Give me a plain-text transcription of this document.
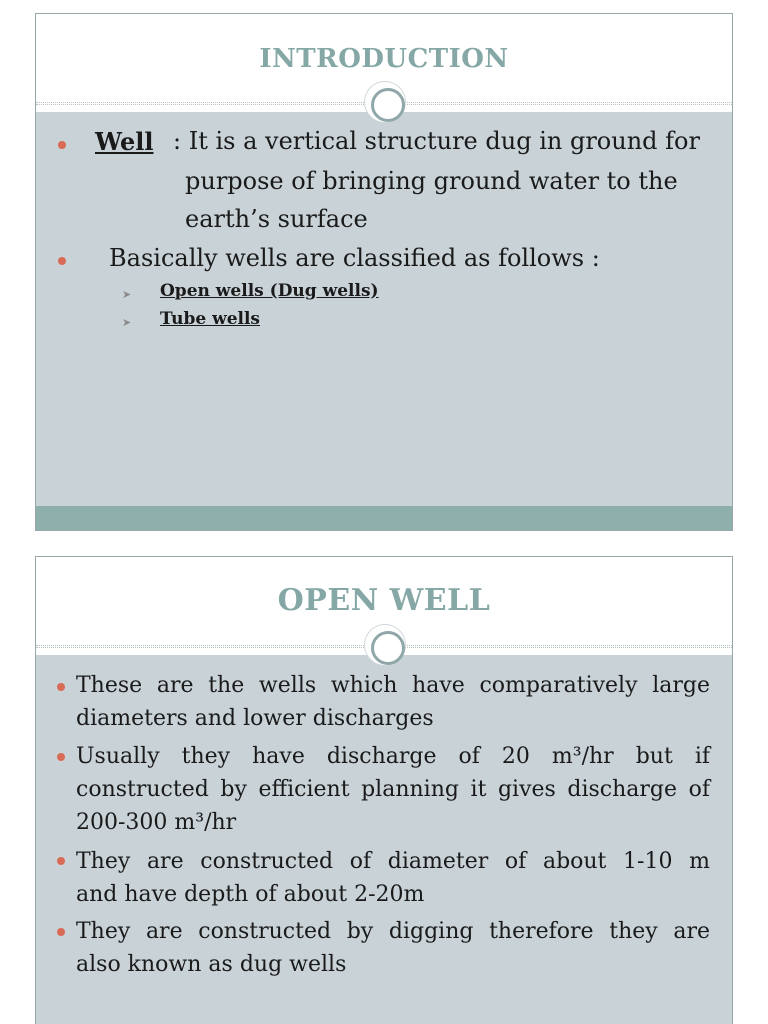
INTRODUCTION
Well : It is a vertical structure dug in ground for
purpose of bringing ground water to the
earth’s surface
Basically wells are classified as follows :
➤ Open wells (Dug wells)
➤ Tube wells
OPEN WELL
These are the wells which have comparatively large
diameters and lower discharges
Usually they have discharge of 20 m³/hr but if
constructed by efficient planning it gives discharge of
200-300 m³/hr
They are constructed of diameter of about 1-10 m
and have depth of about 2-20m
They are constructed by digging therefore they are
also known as dug wells
